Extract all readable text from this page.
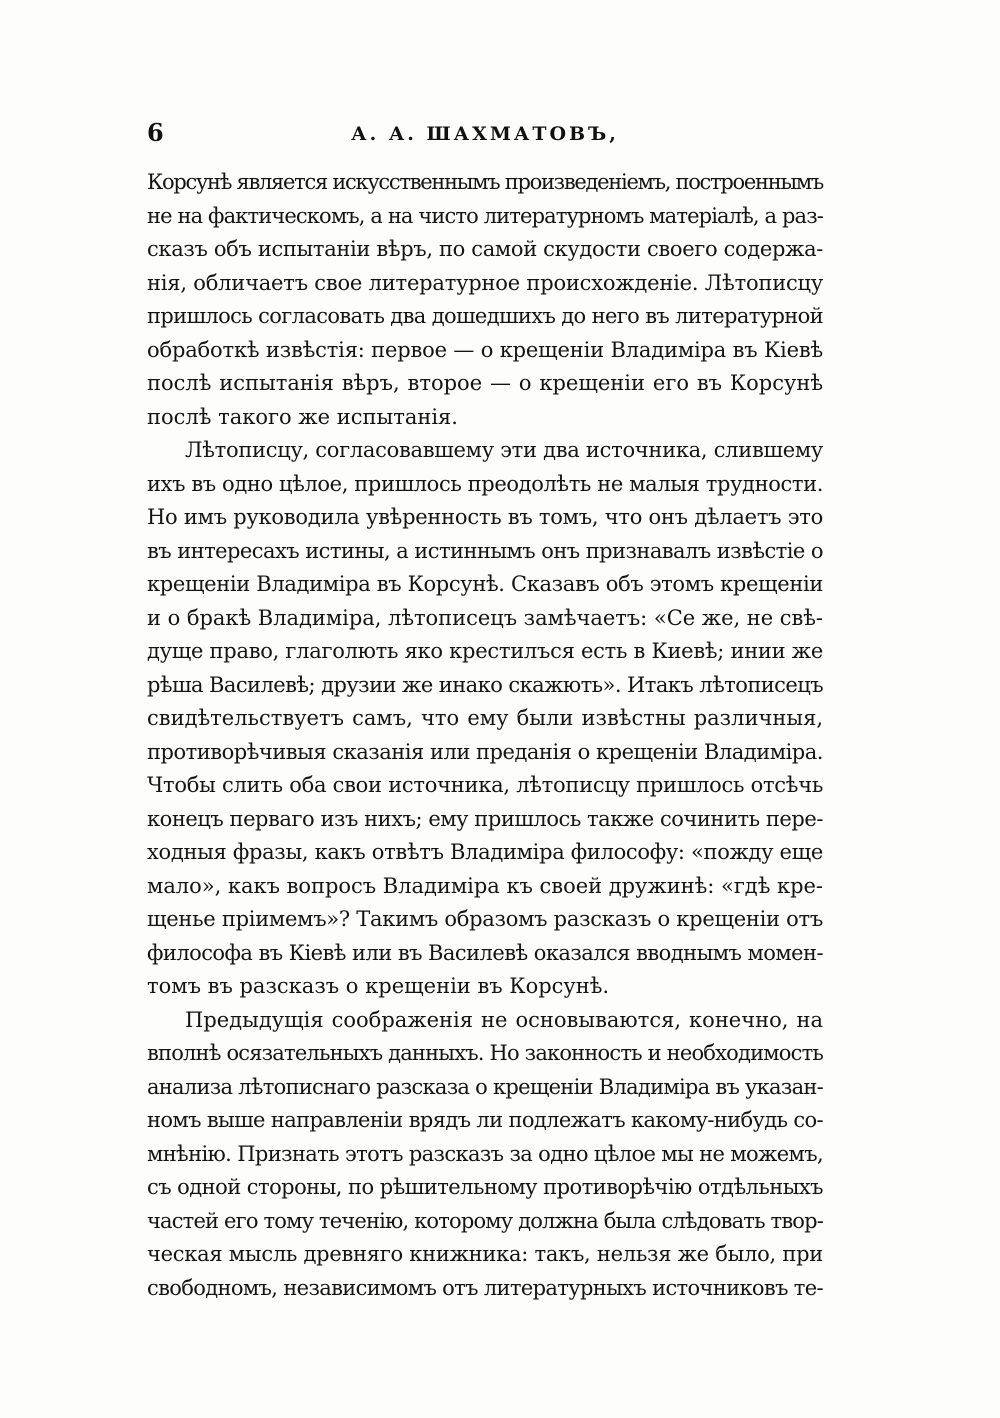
6	А. А. ШАХМАТОВЪ,
Корсунѣ является искусственнымъ произведеніемъ, построеннымъ
не на фактическомъ, а на чисто литературномъ матеріалѣ, а раз-
сказъ объ испытаніи вѣръ, по самой скудости своего содержа-
нія, обличаетъ свое литературное происхожденіе. Лѣтописцу
пришлось согласовать два дошедшихъ до него въ литературной
обработкѣ извѣстія: первое — о крещеніи Владиміра въ Кіевѣ
послѣ испытанія вѣръ, второе — о крещеніи его въ Корсунѣ
послѣ такого же испытанія.
Лѣтописцу, согласовавшему эти два источника, слившему
ихъ въ одно цѣлое, пришлось преодолѣть не малыя трудности.
Но имъ руководила увѣренность въ томъ, что онъ дѣлаетъ это
въ интересахъ истины, а истиннымъ онъ признавалъ извѣстіе о
крещеніи Владиміра въ Корсунѣ. Сказавъ объ этомъ крещеніи
и о бракѣ Владиміра, лѣтописецъ замѣчаетъ: «Се же, не свѣ-
дуще право, глаголють яко крестилъся есть в Киевѣ; инии же
рѣша Василевѣ; друзии же инако скажють». Итакъ лѣтописецъ
свидѣтельствуетъ самъ, что ему были извѣстны различныя,
противорѣчивыя сказанія или преданія о крещеніи Владиміра.
Чтобы слить оба свои источника, лѣтописцу пришлось отсѣчь
конецъ перваго изъ нихъ; ему пришлось также сочинить пере-
ходныя фразы, какъ отвѣтъ Владиміра философу: «пожду еще
мало», какъ вопросъ Владиміра къ своей дружинѣ: «гдѣ кре-
щенье пріимемъ»? Такимъ образомъ разсказъ о крещеніи отъ
философа въ Кіевѣ или въ Василевѣ оказался вводнымъ момен-
томъ въ разсказъ о крещеніи въ Корсунѣ.
Предыдущія соображенія не основываются, конечно, на
вполнѣ осязательныхъ данныхъ. Но законность и необходимость
анализа лѣтописнаго разсказа о крещеніи Владиміра въ указан-
номъ выше направленіи врядъ ли подлежатъ какому-нибудь со-
мнѣнію. Признать этотъ разсказъ за одно цѣлое мы не можемъ,
съ одной стороны, по рѣшительному противорѣчію отдѣльныхъ
частей его тому теченію, которому должна была слѣдовать твор-
ческая мысль древняго книжника: такъ, нельзя же было, при
свободномъ, независимомъ отъ литературныхъ источниковъ те-
